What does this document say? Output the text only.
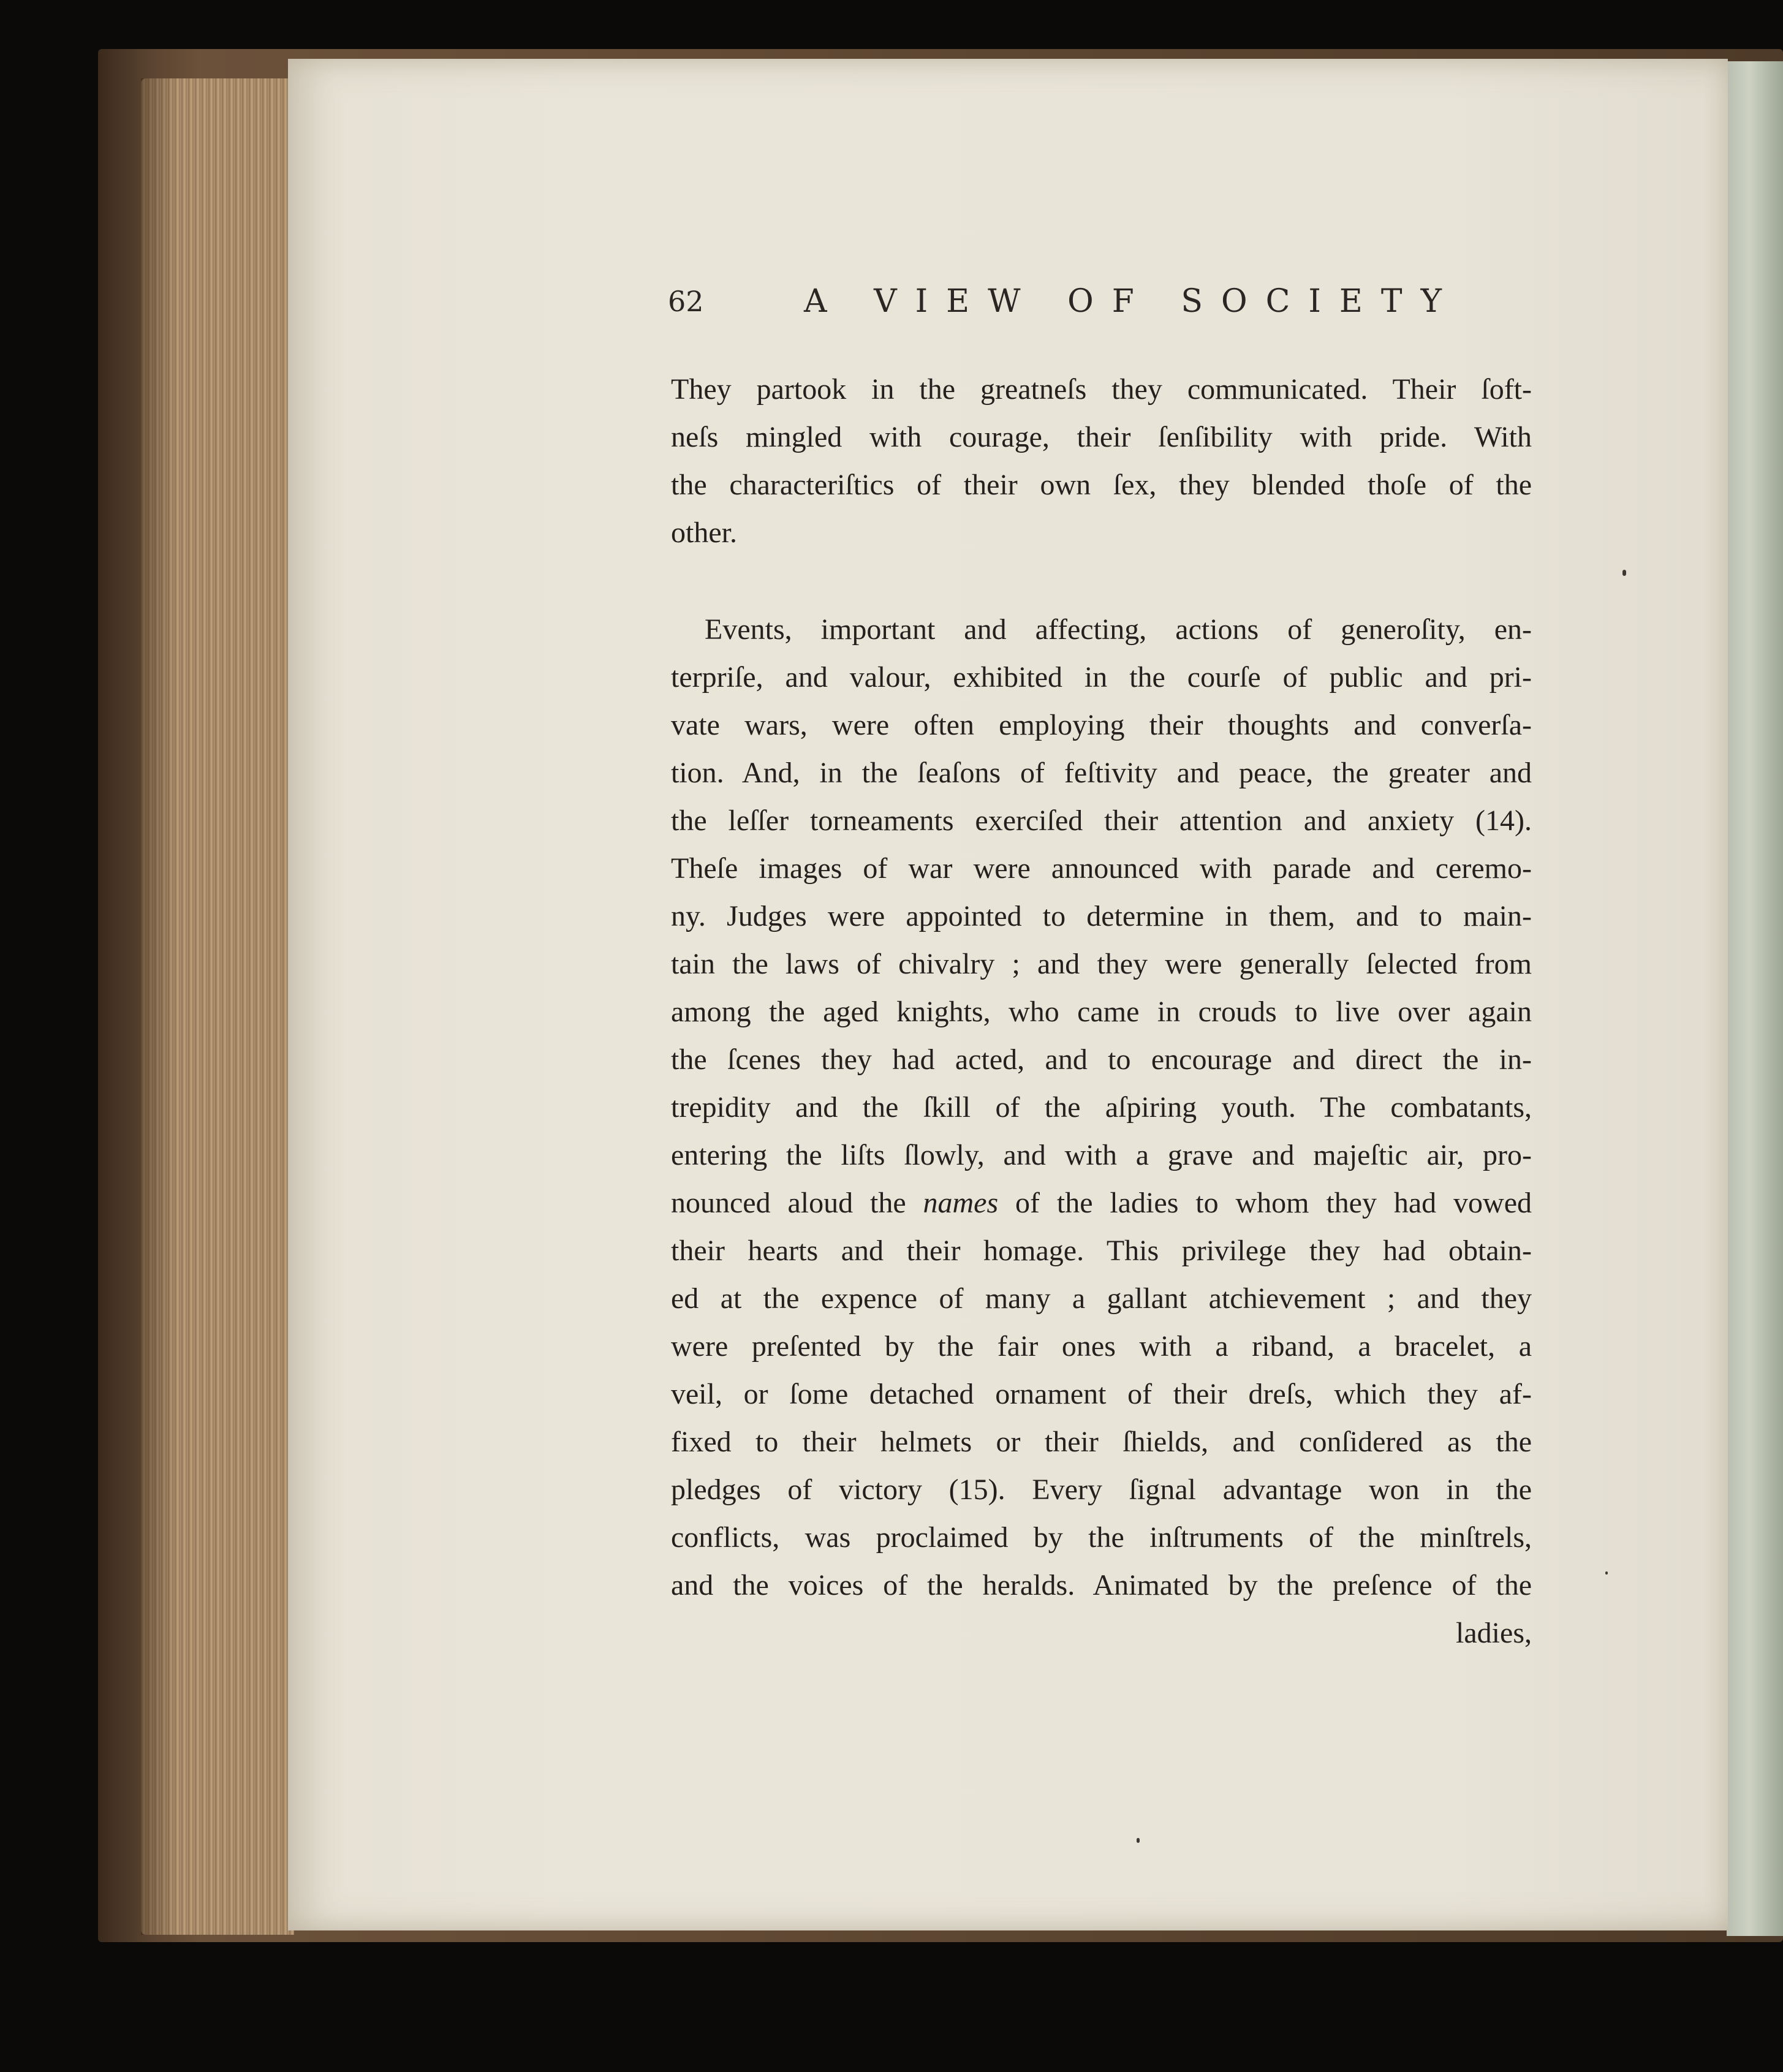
62	A VIEW OF SOCIETY
They partook in the greatneſs they communicated. Their ſoft-
neſs mingled with courage, their ſenſibility with pride. With
the characteriſtics of their own ſex, they blended thoſe of the
other.
Events, important and affecting, actions of generoſity, en-
terpriſe, and valour, exhibited in the courſe of public and pri-
vate wars, were often employing their thoughts and converſa-
tion. And, in the ſeaſons of feſtivity and peace, the greater and
the leſſer torneaments exerciſed their attention and anxiety (14).
Theſe images of war were announced with parade and ceremo-
ny. Judges were appointed to determine in them, and to main-
tain the laws of chivalry ; and they were generally ſelected from
among the aged knights, who came in crouds to live over again
the ſcenes they had acted, and to encourage and direct the in-
trepidity and the ſkill of the aſpiring youth. The combatants,
entering the liſts ſlowly, and with a grave and majeſtic air, pro-
nounced aloud the names of the ladies to whom they had vowed
their hearts and their homage. This privilege they had obtain-
ed at the expence of many a gallant atchievement ; and they
were preſented by the fair ones with a riband, a bracelet, a
veil, or ſome detached ornament of their dreſs, which they af-
fixed to their helmets or their ſhields, and conſidered as the
pledges of victory (15). Every ſignal advantage won in the
conflicts, was proclaimed by the inſtruments of the minſtrels,
and the voices of the heralds. Animated by the preſence of the
ladies,
